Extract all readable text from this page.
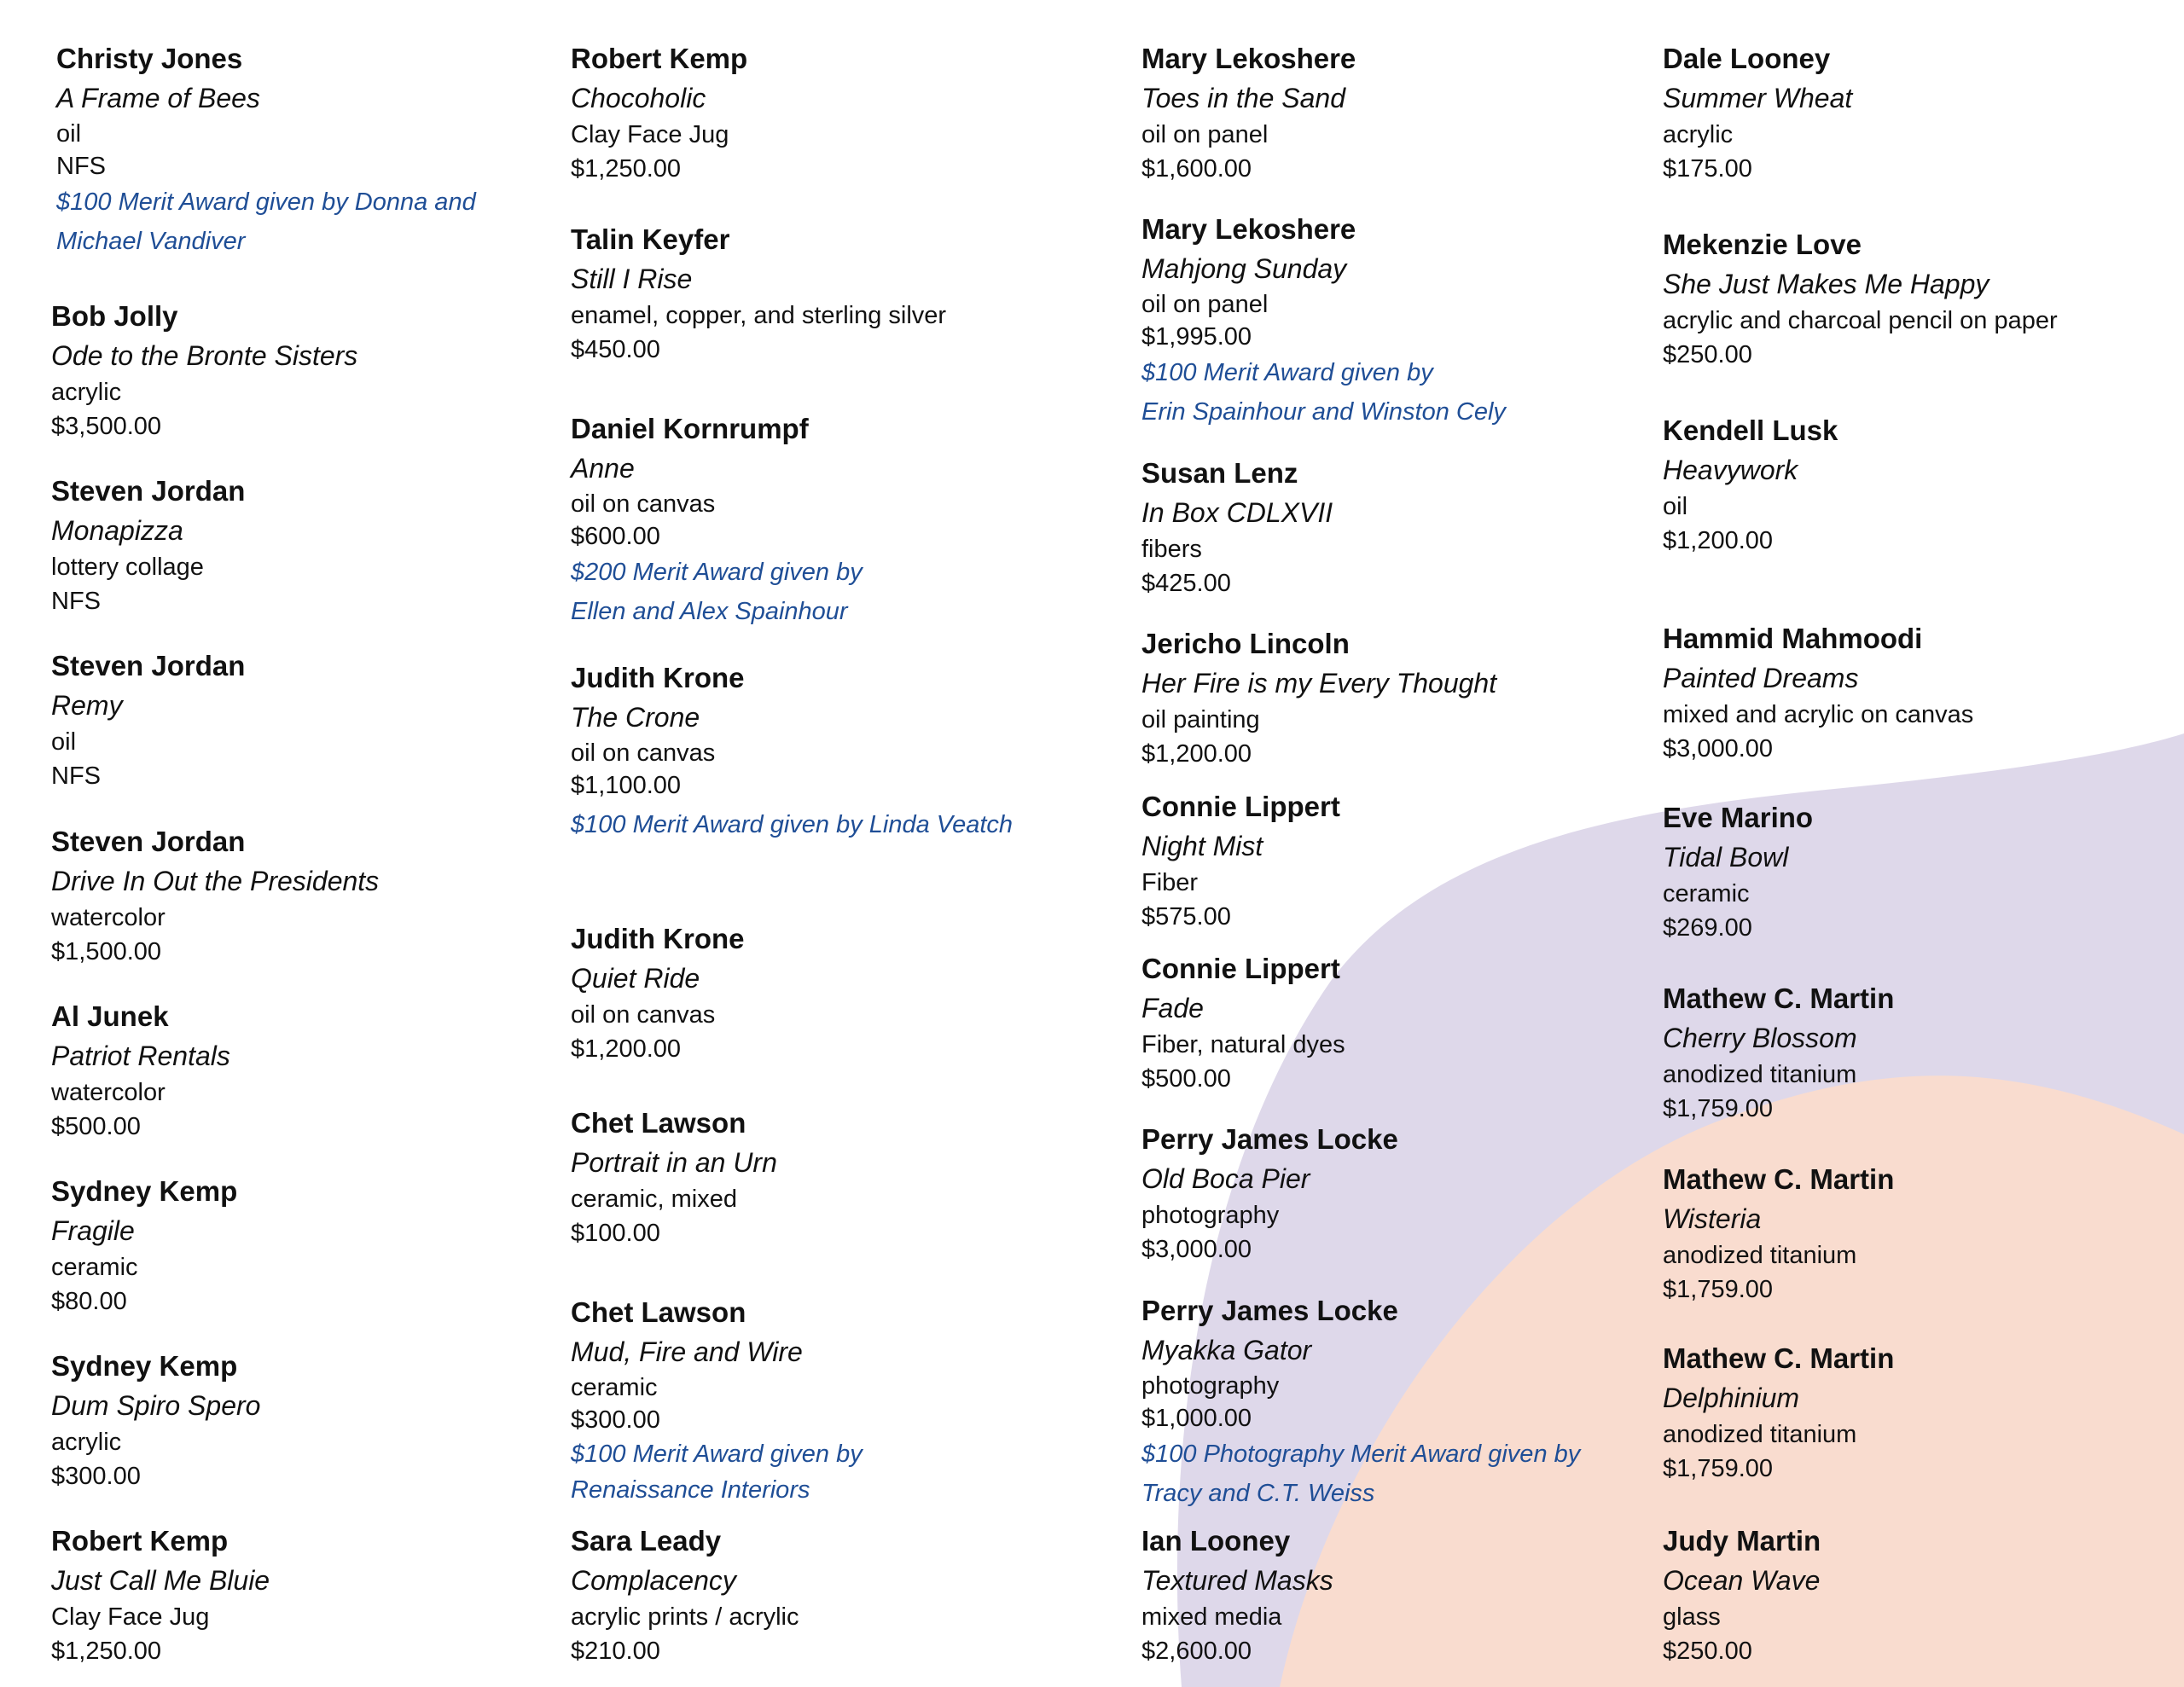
Christy Jones
A Frame of Bees
oil
NFS
$100 Merit Award given by Donna and
Michael Vandiver
Bob Jolly
Ode to the Bronte Sisters
acrylic
$3,500.00
Steven Jordan
Monapizza
lottery collage
NFS
Steven Jordan
Remy
oil
NFS
Steven Jordan
Drive In Out the Presidents
watercolor
$1,500.00
Al Junek
Patriot Rentals
watercolor
$500.00
Sydney Kemp
Fragile
ceramic
$80.00
Sydney Kemp
Dum Spiro Spero
acrylic
$300.00
Robert Kemp
Just Call Me Bluie
Clay Face Jug
$1,250.00
Robert Kemp
Chocoholic
Clay Face Jug
$1,250.00
Talin Keyfer
Still I Rise
enamel, copper, and sterling silver
$450.00
Daniel Kornrumpf
Anne
oil on canvas
$600.00
$200 Merit Award given by
Ellen and Alex Spainhour
Judith Krone
The Crone
oil on canvas
$1,100.00
$100 Merit Award given by Linda Veatch
Judith Krone
Quiet Ride
oil on canvas
$1,200.00
Chet Lawson
Portrait in an Urn
ceramic, mixed
$100.00
Chet Lawson
Mud, Fire and Wire
ceramic
$300.00
$100 Merit Award given by
Renaissance Interiors
Sara Leady
Complacency
acrylic prints / acrylic
$210.00
Mary Lekoshere
Toes in the Sand
oil on panel
$1,600.00
Mary Lekoshere
Mahjong Sunday
oil on panel
$1,995.00
$100 Merit Award given by
Erin Spainhour and Winston Cely
Susan Lenz
In Box CDLXVII
fibers
$425.00
Jericho Lincoln
Her Fire is my Every Thought
oil painting
$1,200.00
Connie Lippert
Night Mist
Fiber
$575.00
Connie Lippert
Fade
Fiber, natural dyes
$500.00
Perry James Locke
Old Boca Pier
photography
$3,000.00
Perry James Locke
Myakka Gator
photography
$1,000.00
$100 Photography Merit Award given by
Tracy and C.T. Weiss
Ian Looney
Textured Masks
mixed media
$2,600.00
Dale Looney
Summer Wheat
acrylic
$175.00
Mekenzie Love
She Just Makes Me Happy
acrylic and charcoal pencil on paper
$250.00
Kendell Lusk
Heavywork
oil
$1,200.00
Hammid Mahmoodi
Painted Dreams
mixed and acrylic on canvas
$3,000.00
Eve Marino
Tidal Bowl
ceramic
$269.00
Mathew C. Martin
Cherry Blossom
anodized titanium
$1,759.00
Mathew C. Martin
Wisteria
anodized titanium
$1,759.00
Mathew C. Martin
Delphinium
anodized titanium
$1,759.00
Judy Martin
Ocean Wave
glass
$250.00
